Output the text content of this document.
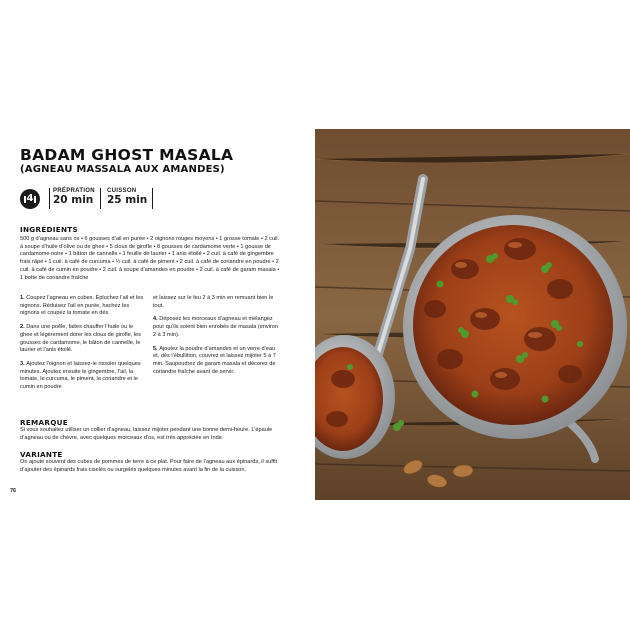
BADAM GHOST MASALA
(AGNEAU MASSALA AUX AMANDES)
4
PRÉPRATION
20 min
CUISSON
25 min
INGRÉDIENTS

500 g d’agneau sans os • 6 gousses d’ail en purée • 2 oignons rouges moyens • 1 grosse tomate • 2 cuil. à soupe d’huile d’olive ou de ghee • 5 clous de girofle • 8 gousses de cardamome verte • 1 gousse de cardamome noire • 1 bâton de cannelle • 1 feuille de laurier • 1 anis étoilé • 2 cuil. à café de gingembre frais râpé • 1 cuil. à café de curcuma • ½ cuil. à café de piment • 2 cuil. à café de coriandre en poudre • 2 cuil. à café de cumin en poudre • 2 cuil. à soupe d’amandes en poudre • 2 cuil. à café de garam masala • 1 botte de coriandre fraîche

1. Coupez l’agneau en cubes. Épluchez l’ail et les oignons. Réduisez l’ail en purée, hachez les oignons et coupez la tomate en dés.
2. Dans une poêle, faites chauffer l’huile ou le ghee et légèrement dorer les clous de girofle, les gousses de cardamome, le bâton de cannelle, le laurier et l’anis étoilé.
3. Ajoutez l’oignon et laissez-le rissoler quelques minutes. Ajoutez ensuite le gingembre, l’ail, la tomate, le curcuma, le piment, la coriandre et le cumin en poudre
et laissez sur le feu 2 à 3 min en remuant bien le tout.
4. Déposez les morceaux d’agneau et mélangez pour qu’ils soient bien enrobés de masala (environ 2 à 3 min).
5. Ajoutez la poudre d’amandes et un verre d’eau et, dès l’ébullition, couvrez et laissez mijoter 5 à 7 min. Saupoudrez de garam masala et décorez de coriandre fraîche avant de servir.
REMARQUE

Si vous souhaitez utiliser un collier d’agneau, laissez mijoter pendant une bonne demi-heure. L’épaule d’agneau ou de chèvre, avec quelques morceaux d’os, est très appréciée en Inde.

VARIANTE

On ajoute souvent des cubes de pommes de terre à ce plat. Pour faire de l’agneau aux épinards, il suffit d’ajouter des épinards frais ciselés ou surgelés quelques minutes avant la fin de la cuisson.

76
